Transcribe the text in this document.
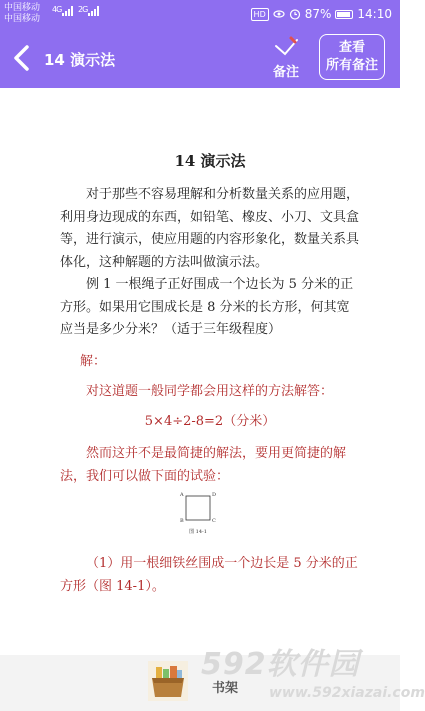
中国移动
中国移动
4G 2G	HD	87% 14:10
14 演示法
备注
查看
所有备注
14 演示法
对于那些不容易理解和分析数量关系的应用题，利用身边现成的东西，如铅笔、橡皮、小刀、文具盒等，进行演示，使应用题的内容形象化，数量关系具体化，这种解题的方法叫做演示法。
例 1 一根绳子正好围成一个边长为 5 分米的正方形。如果用它围成长是 8 分米的长方形，何其宽应当是多少分米？（适于三年级程度）
解：
对这道题一般同学都会用这样的方法解答：
5×4÷2-8=2（分米）
然而这并不是最简捷的解法，要用更简捷的解法，我们可以做下面的试验：
A	D
B	C
图 14-1
（1）用一根细铁丝围成一个边长是 5 分米的正方形（图 14-1）。
书架
592软件园
www.592xiazai.com
